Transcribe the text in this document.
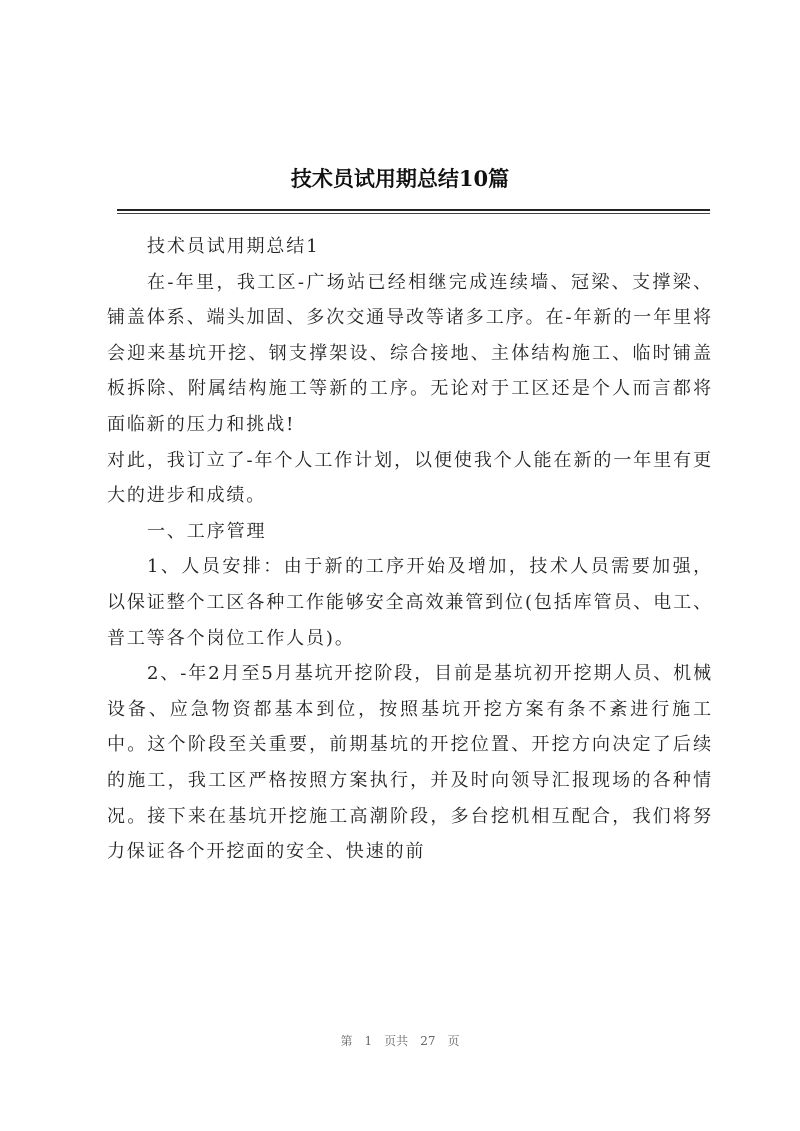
技术员试用期总结10篇

技术员试用期总结1

在-年里，我工区-广场站已经相继完成连续墙、冠梁、支撑梁、铺盖体系、端头加固、多次交通导改等诸多工序。在-年新的一年里将会迎来基坑开挖、钢支撑架设、综合接地、主体结构施工、临时铺盖板拆除、附属结构施工等新的工序。无论对于工区还是个人而言都将面临新的压力和挑战!

对此，我订立了-年个人工作计划，以便使我个人能在新的一年里有更大的进步和成绩。

一、工序管理

1、人员安排：由于新的工序开始及增加，技术人员需要加强，以保证整个工区各种工作能够安全高效兼管到位(包括库管员、电工、普工等各个岗位工作人员)。

2、-年2月至5月基坑开挖阶段，目前是基坑初开挖期人员、机械设备、应急物资都基本到位，按照基坑开挖方案有条不紊进行施工中。这个阶段至关重要，前期基坑的开挖位置、开挖方向决定了后续的施工，我工区严格按照方案执行，并及时向领导汇报现场的各种情况。接下来在基坑开挖施工高潮阶段，多台挖机相互配合，我们将努力保证各个开挖面的安全、快速的前

第 1 页共 27 页
